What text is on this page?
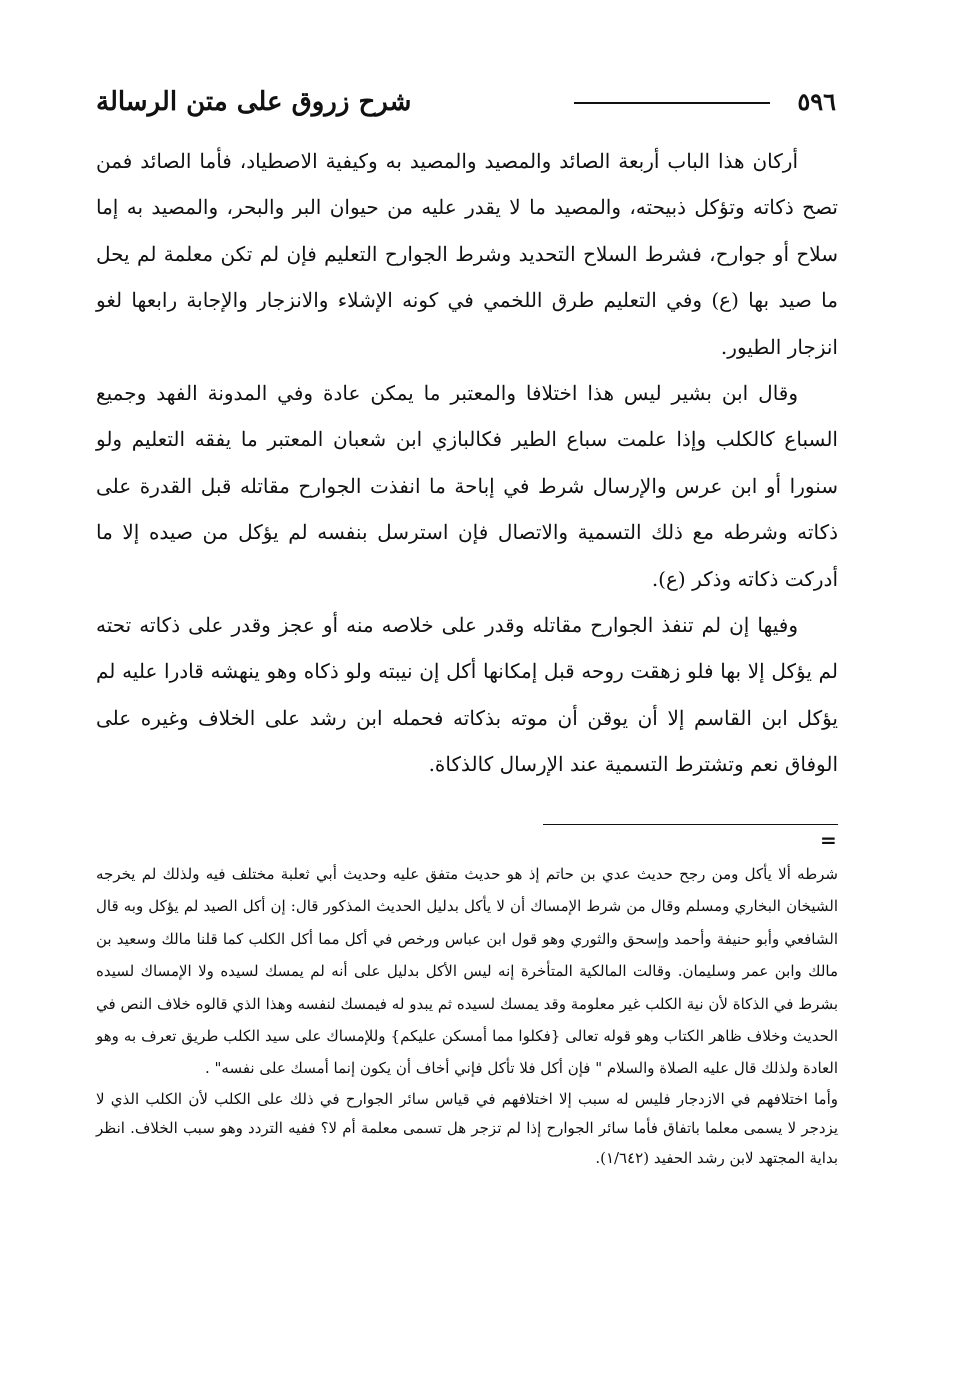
٥٩٦
شرح زروق على متن الرسالة

أركان هذا الباب أربعة الصائد والمصيد والمصيد به وكيفية الاصطياد، فأما الصائد فمن تصح ذكاته وتؤكل ذبيحته، والمصيد ما لا يقدر عليه من حيوان البر والبحر، والمصيد به إما سلاح أو جوارح، فشرط السلاح التحديد وشرط الجوارح التعليم فإن لم تكن معلمة لم يحل ما صيد بها (ع) وفي التعليم طرق اللخمي في كونه الإشلاء والانزجار والإجابة رابعها لغو انزجار الطيور.

وقال ابن بشير ليس هذا اختلافا والمعتبر ما يمكن عادة وفي المدونة الفهد وجميع السباع كالكلب وإذا علمت سباع الطير فكالبازي ابن شعبان المعتبر ما يفقه التعليم ولو سنورا أو ابن عرس والإرسال شرط في إباحة ما انفذت الجوارح مقاتله قبل القدرة على ذكاته وشرطه مع ذلك التسمية والاتصال فإن استرسل بنفسه لم يؤكل من صيده إلا ما أدركت ذكاته وذكر (ع).

وفيها إن لم تنفذ الجوارح مقاتله وقدر على خلاصه منه أو عجز وقدر على ذكاته تحته لم يؤكل إلا بها فلو زهقت روحه قبل إمكانها أكل إن نيبته ولو ذكاه وهو ينهشه قادرا عليه لم يؤكل ابن القاسم إلا أن يوقن أن موته بذكاته فحمله ابن رشد على الخلاف وغيره على الوفاق نعم وتشترط التسمية عند الإرسال كالذكاة.

=

شرطه ألا يأكل ومن رجح حديث عدي بن حاتم إذ هو حديث متفق عليه وحديث أبي ثعلبة مختلف فيه ولذلك لم يخرجه الشيخان البخاري ومسلم وقال من شرط الإمساك أن لا يأكل بدليل الحديث المذكور قال: إن أكل الصيد لم يؤكل وبه قال الشافعي وأبو حنيفة وأحمد وإسحق والثوري وهو قول ابن عباس ورخص في أكل مما أكل الكلب كما قلنا مالك وسعيد بن مالك وابن عمر وسليمان. وقالت المالكية المتأخرة إنه ليس الأكل بدليل على أنه لم يمسك لسيده ولا الإمساك لسيده بشرط في الذكاة لأن نية الكلب غير معلومة وقد يمسك لسيده ثم يبدو له فيمسك لنفسه وهذا الذي قالوه خلاف النص في الحديث وخلاف ظاهر الكتاب وهو قوله تعالى {فكلوا مما أمسكن عليكم} وللإمساك على سيد الكلب طريق تعرف به وهو العادة ولذلك قال عليه الصلاة والسلام " فإن أكل فلا تأكل فإني أخاف أن يكون إنما أمسك على نفسه" .

وأما اختلافهم في الازدجار فليس له سبب إلا اختلافهم في قياس سائر الجوارح في ذلك على الكلب لأن الكلب الذي لا يزدجر لا يسمى معلما باتفاق فأما سائر الجوارح إذا لم تزجر هل تسمى معلمة أم لا؟ ففيه التردد وهو سبب الخلاف. انظر بداية المجتهد لابن رشد الحفيد (١/٦٤٢).
